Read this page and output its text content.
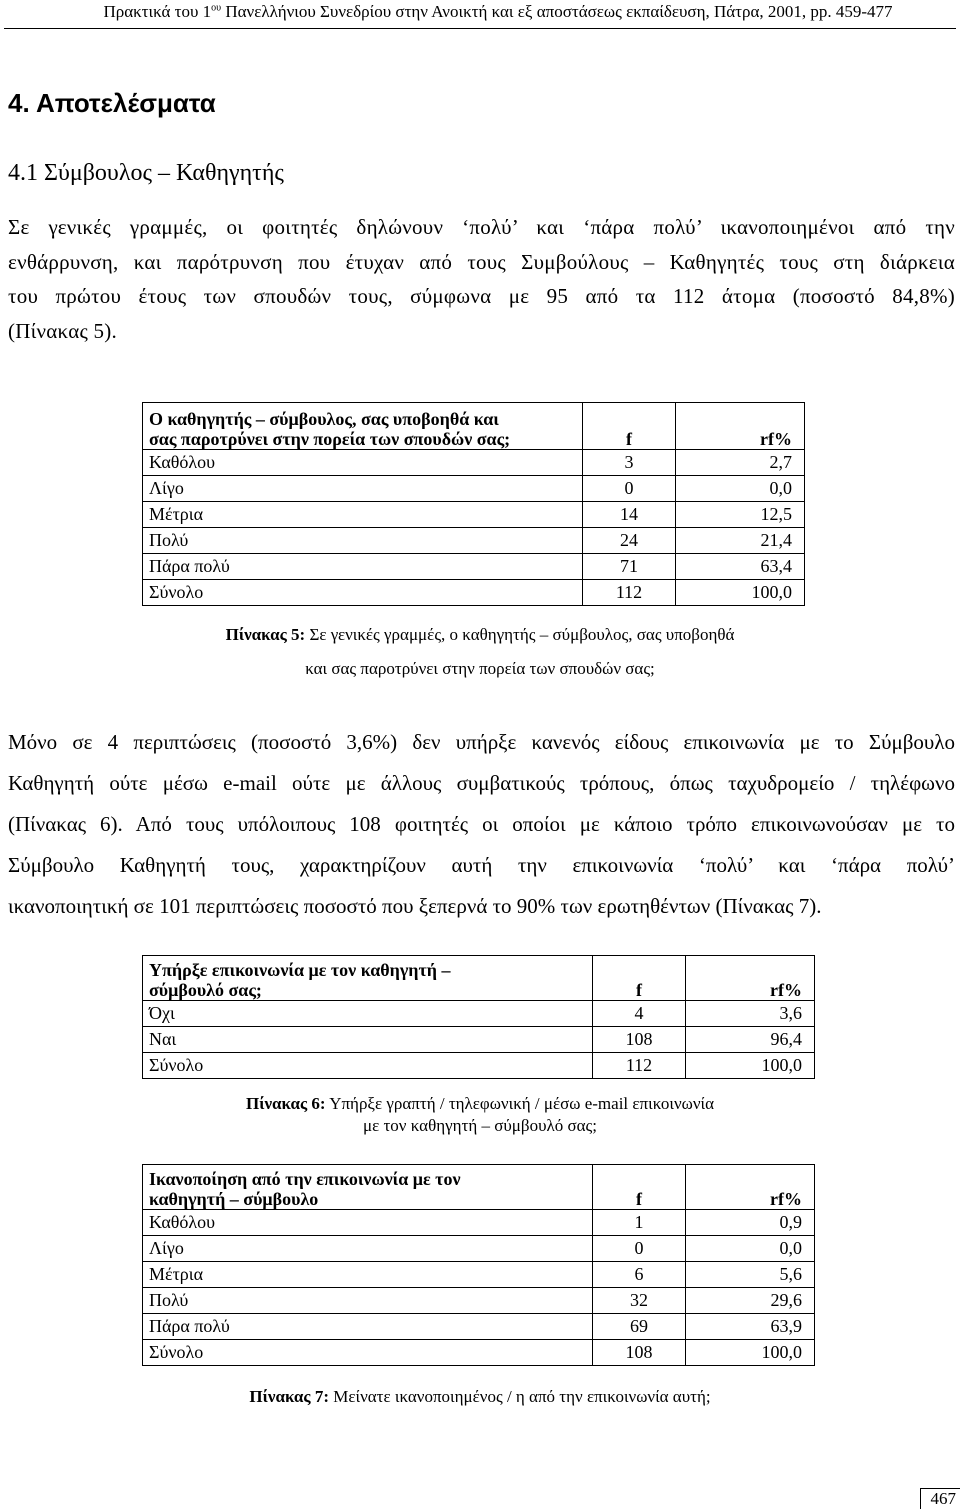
Πρακτικά του $1^{o\upsilon}$ Πανελλήνιου Συνεδρίου στην Ανοικτή και εξ αποστάσεως εκπαίδευση, Πάτρα, 2001, pp. 459-477
4. Αποτελέσματα
4.1 Σύμβουλος – Καθηγητής
Σε γενικές γραμμές, οι φοιτητές δηλώνουν ‘πολύ’ και ‘πάρα πολύ’ ικανοποιημένοι από την
ενθάρρυνση, και παρότρυνση που έτυχαν από τους Συμβούλους – Καθηγητές τους στη διάρκεια
του πρώτου έτους των σπουδών τους, σύμφωνα με 95 από τα 112 άτομα (ποσοστό 84,8%)
(Πίνακας 5).
Ο καθηγητής – σύμβουλος, σας υποβοηθά και
σας παροτρύνει στην πορεία των σπουδών σας;	f	rf%
Καθόλου	3	2,7
Λίγο	0	0,0
Μέτρια	14	12,5
Πολύ	24	21,4
Πάρα πολύ	71	63,4
Σύνολο	112	100,0
Πίνακας 5: Σε γενικές γραμμές, ο καθηγητής – σύμβουλος, σας υποβοηθά
και σας παροτρύνει στην πορεία των σπουδών σας;
Μόνο σε 4 περιπτώσεις (ποσοστό 3,6%) δεν υπήρξε κανενός είδους επικοινωνία με το Σύμβουλο
Καθηγητή ούτε μέσω e-mail ούτε με άλλους συμβατικούς τρόπους, όπως ταχυδρομείο / τηλέφωνο
(Πίνακας 6). Από τους υπόλοιπους 108 φοιτητές οι οποίοι με κάποιο τρόπο επικοινωνούσαν με το
Σύμβουλο Καθηγητή τους, χαρακτηρίζουν αυτή την επικοινωνία ‘πολύ’ και ‘πάρα πολύ’
ικανοποιητική σε 101 περιπτώσεις ποσοστό που ξεπερνά το 90% των ερωτηθέντων (Πίνακας 7).
Υπήρξε επικοινωνία με τον καθηγητή –
σύμβουλό σας;	f	rf%
Όχι	4	3,6
Ναι	108	96,4
Σύνολο	112	100,0
Πίνακας 6: Υπήρξε γραπτή / τηλεφωνική / μέσω e-mail επικοινωνία
με τον καθηγητή – σύμβουλό σας;
Ικανοποίηση από την επικοινωνία με τον
καθηγητή – σύμβουλο	f	rf%
Καθόλου	1	0,9
Λίγο	0	0,0
Μέτρια	6	5,6
Πολύ	32	29,6
Πάρα πολύ	69	63,9
Σύνολο	108	100,0
Πίνακας 7: Μείνατε ικανοποιημένος / η από την επικοινωνία αυτή;
467
